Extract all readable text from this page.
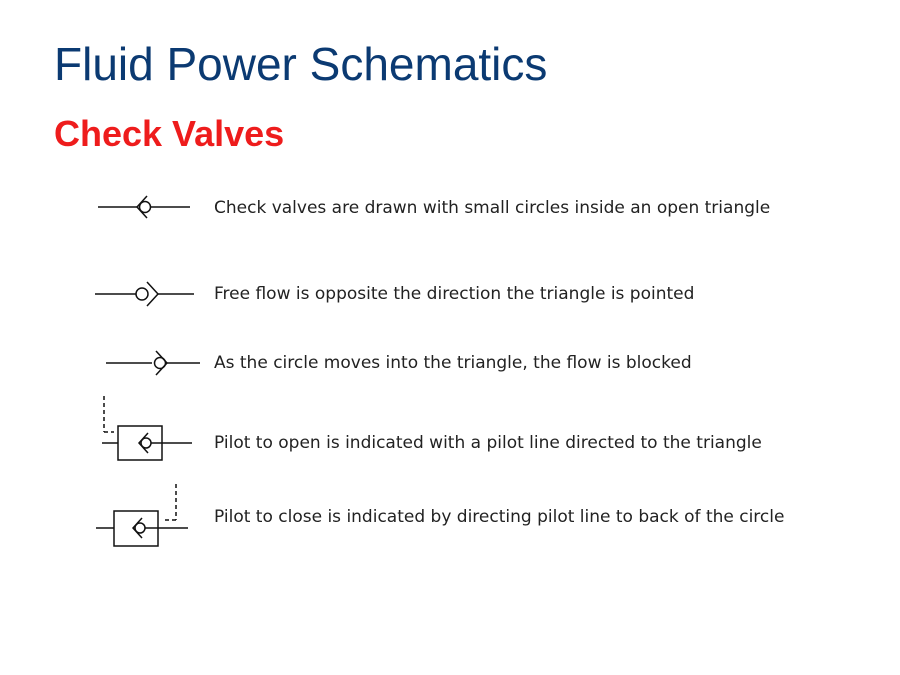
Fluid Power Schematics
Check Valves

Check valves are drawn with small circles inside an open triangle

Free flow is opposite the direction the triangle is pointed

As the circle moves into the triangle, the flow is blocked

Pilot to open is indicated with a pilot line directed to the triangle

Pilot to close is indicated by directing pilot line to back of the circle
